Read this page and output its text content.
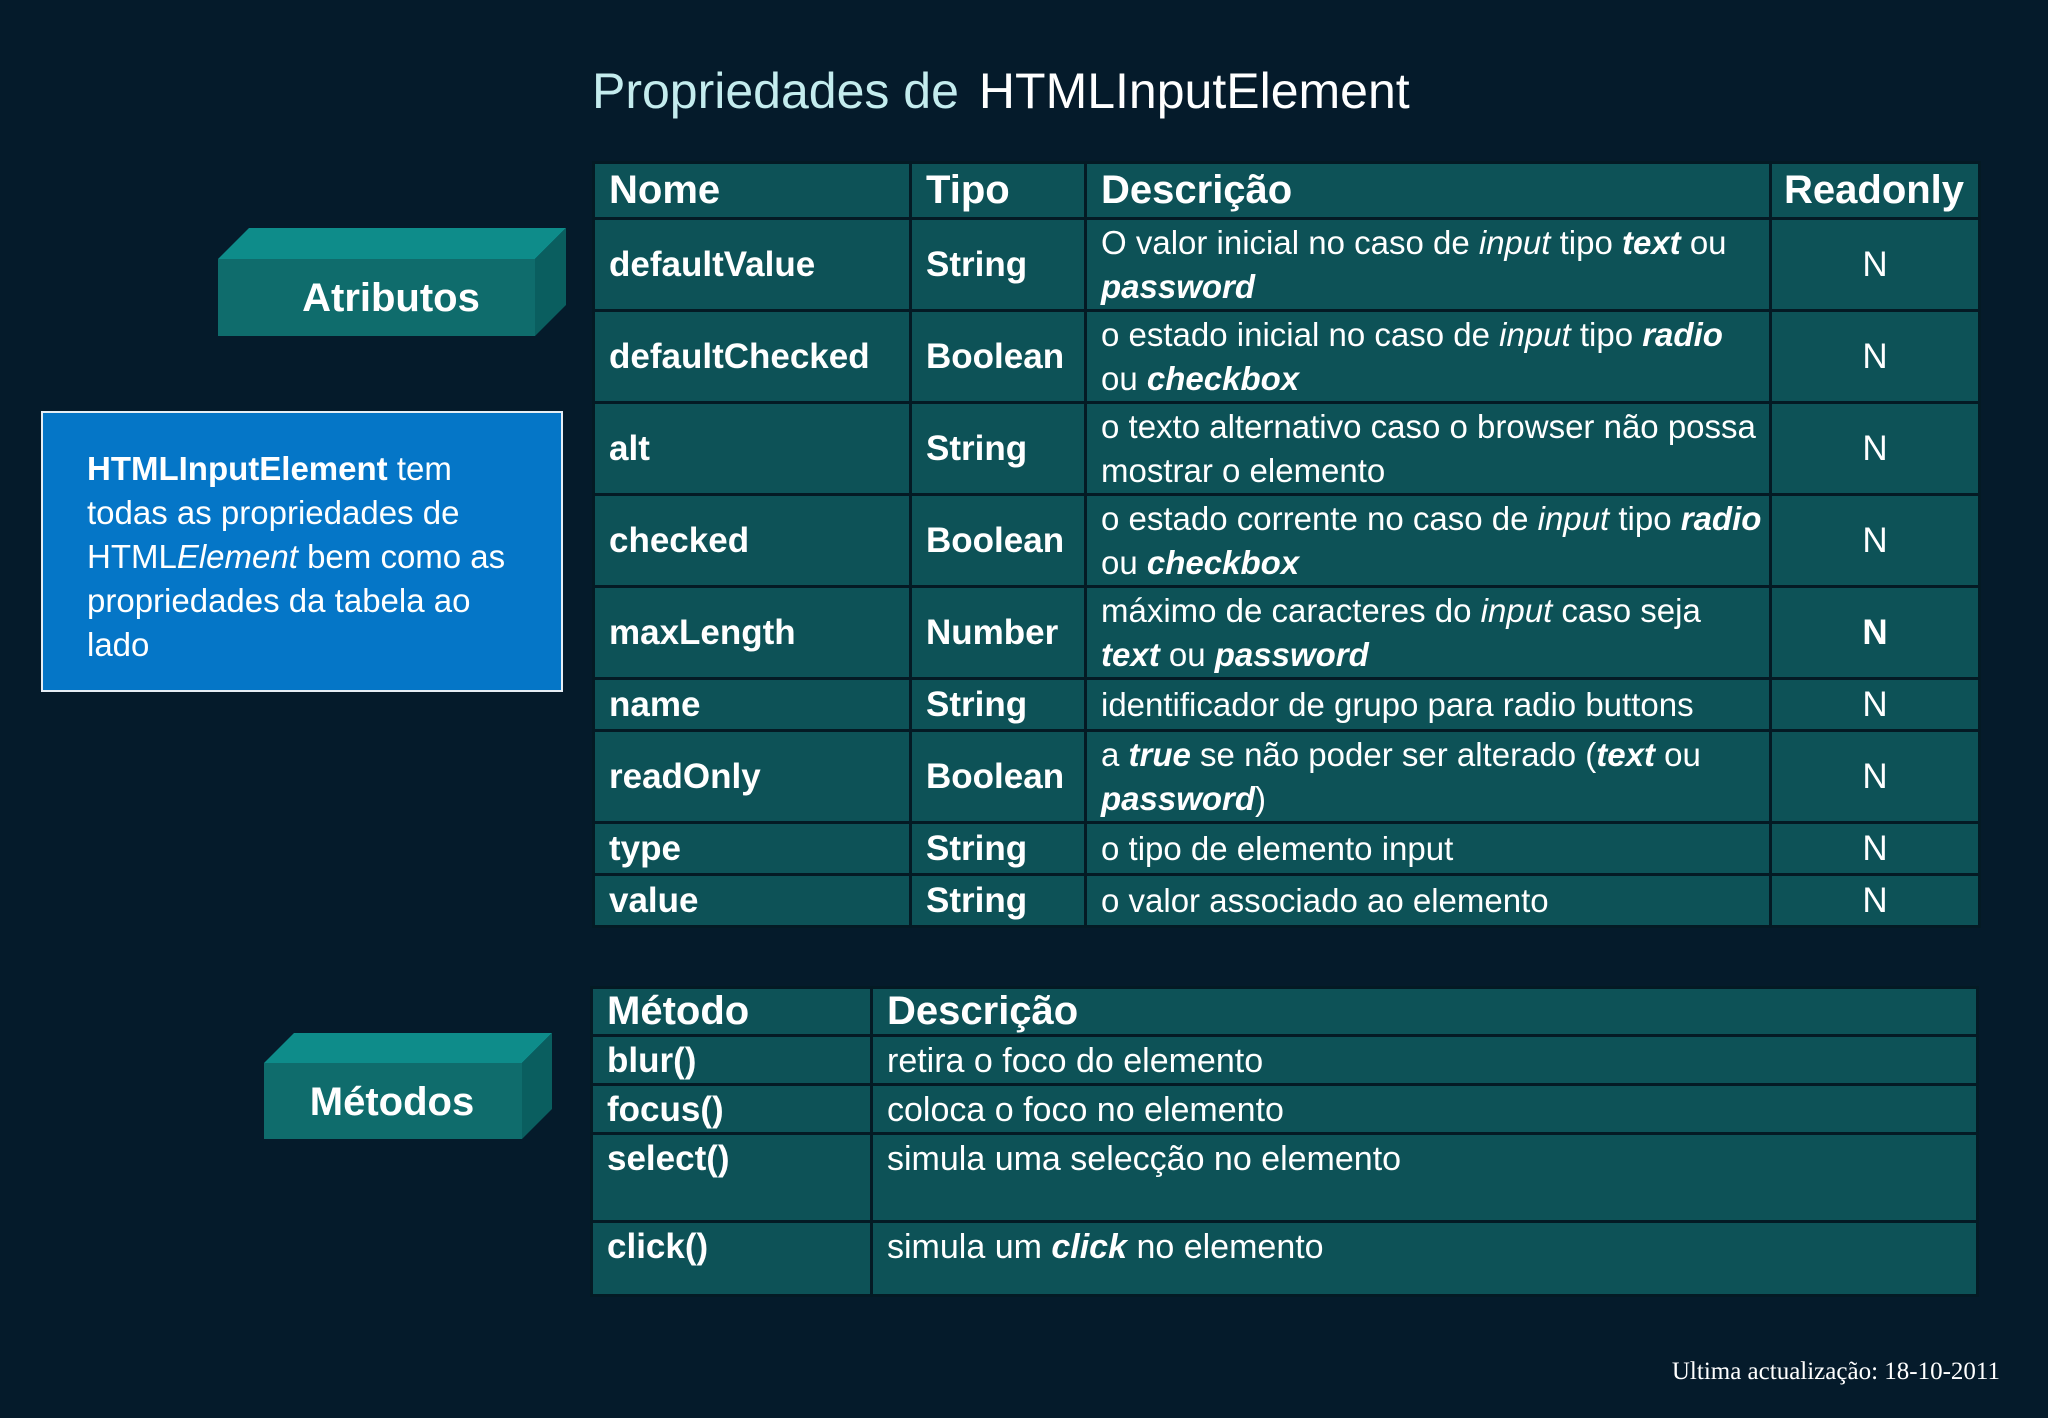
Propriedades de HTMLInputElement
Atributos
Métodos
HTMLInputElement tem todas as propriedades de HTMLElement bem como as propriedades da tabela ao lado
Nome	Tipo	Descrição	Readonly
defaultValue	String	O valor inicial no caso de input tipo text ou password	N
defaultChecked	Boolean	o estado inicial no caso de input tipo radio ou checkbox	N
alt	String	o texto alternativo caso o browser não possa mostrar o elemento	N
checked	Boolean	o estado corrente no caso de input tipo radio ou checkbox	N
maxLength	Number	máximo de caracteres do input caso seja text ou password	N
name	String	identificador de grupo para radio buttons	N
readOnly	Boolean	a true se não poder ser alterado (text ou password)	N
type	String	o tipo de elemento input	N
value	String	o valor associado ao elemento	N
Método	Descrição
blur()	retira o foco do elemento
focus()	coloca o foco no elemento
select()	simula uma selecção no elemento
click()	simula um click no elemento
Ultima actualização: 18-10-2011
